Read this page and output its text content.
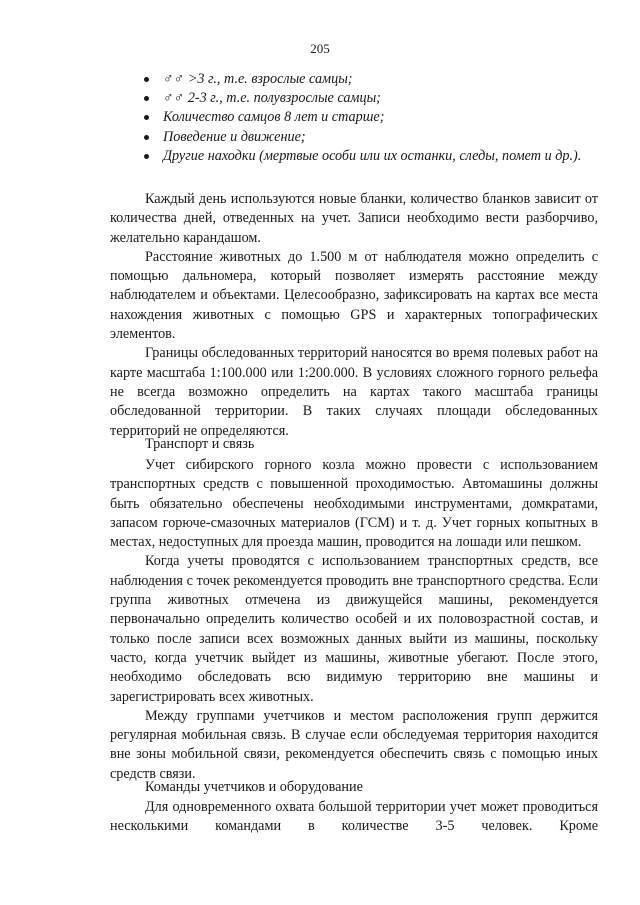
205
♂♂ >3 г., т.е. взрослые самцы;
♂♂ 2-3 г., т.е. полувзрослые самцы;
Количество самцов 8 лет и старше;
Поведение и движение;
Другие находки (мертвые особи или их останки, следы, помет и др.).

Каждый день используются новые бланки, количество бланков зависит от количества дней, отведенных на учет. Записи необходимо вести разборчиво, желательно карандашом.

Расстояние животных до 1.500 м от наблюдателя можно определить с помощью дальномера, который позволяет измерять расстояние между наблюдателем и объектами. Целесообразно, зафиксировать на картах все места нахождения животных с помощью GPS и характерных топографических элементов.

Границы обследованных территорий наносятся во время полевых работ на карте масштаба 1:100.000 или 1:200.000. В условиях сложного горного рельефа не всегда возможно определить на картах такого масштаба границы обследованной территории. В таких случаях площади обследованных территорий не определяются.

Транспорт и связь

Учет сибирского горного козла можно провести с использованием транспортных средств с повышенной проходимостью. Автомашины должны быть обязательно обеспечены необходимыми инструментами, домкратами, запасом горюче-смазочных материалов (ГСМ) и т. д. Учет горных копытных в местах, недоступных для проезда машин, проводится на лошади или пешком.

Когда учеты проводятся с использованием транспортных средств, все наблюдения с точек рекомендуется проводить вне транспортного средства. Если группа животных отмечена из движущейся машины, рекомендуется первоначально определить количество особей и их половозрастной состав, и только после записи всех возможных данных выйти из машины, поскольку часто, когда учетчик выйдет из машины, животные убегают. После этого, необходимо обследовать всю видимую территорию вне машины и зарегистрировать всех животных.

Между группами учетчиков и местом расположения групп держится регулярная мобильная связь. В случае если обследуемая территория находится вне зоны мобильной связи, рекомендуется обеспечить связь с помощью иных средств связи.

Команды учетчиков и оборудование

Для одновременного охвата большой территории учет может проводиться несколькими командами в количестве 3-5 человек. Кроме
